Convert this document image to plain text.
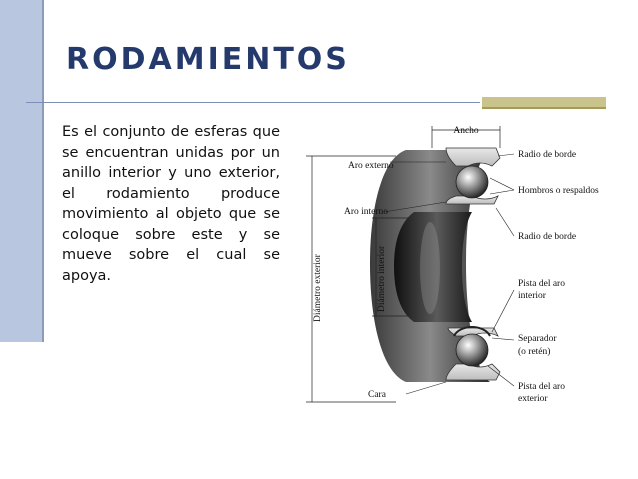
RODAMIENTOS

Es el conjunto de esferas que se encuentran unidas por un anillo interior y uno exterior, el rodamiento produce movimiento al objeto que se coloque sobre este y se mueve sobre el cual se apoya.

Ancho
Radio de borde
Aro externo
Hombros o respaldos
Aro interno
Radio de borde
Diámetro exterior	Diámetro interior	Pista del aro
interior
Separador
(o retén)
Cara
Pista del aro
exterior
